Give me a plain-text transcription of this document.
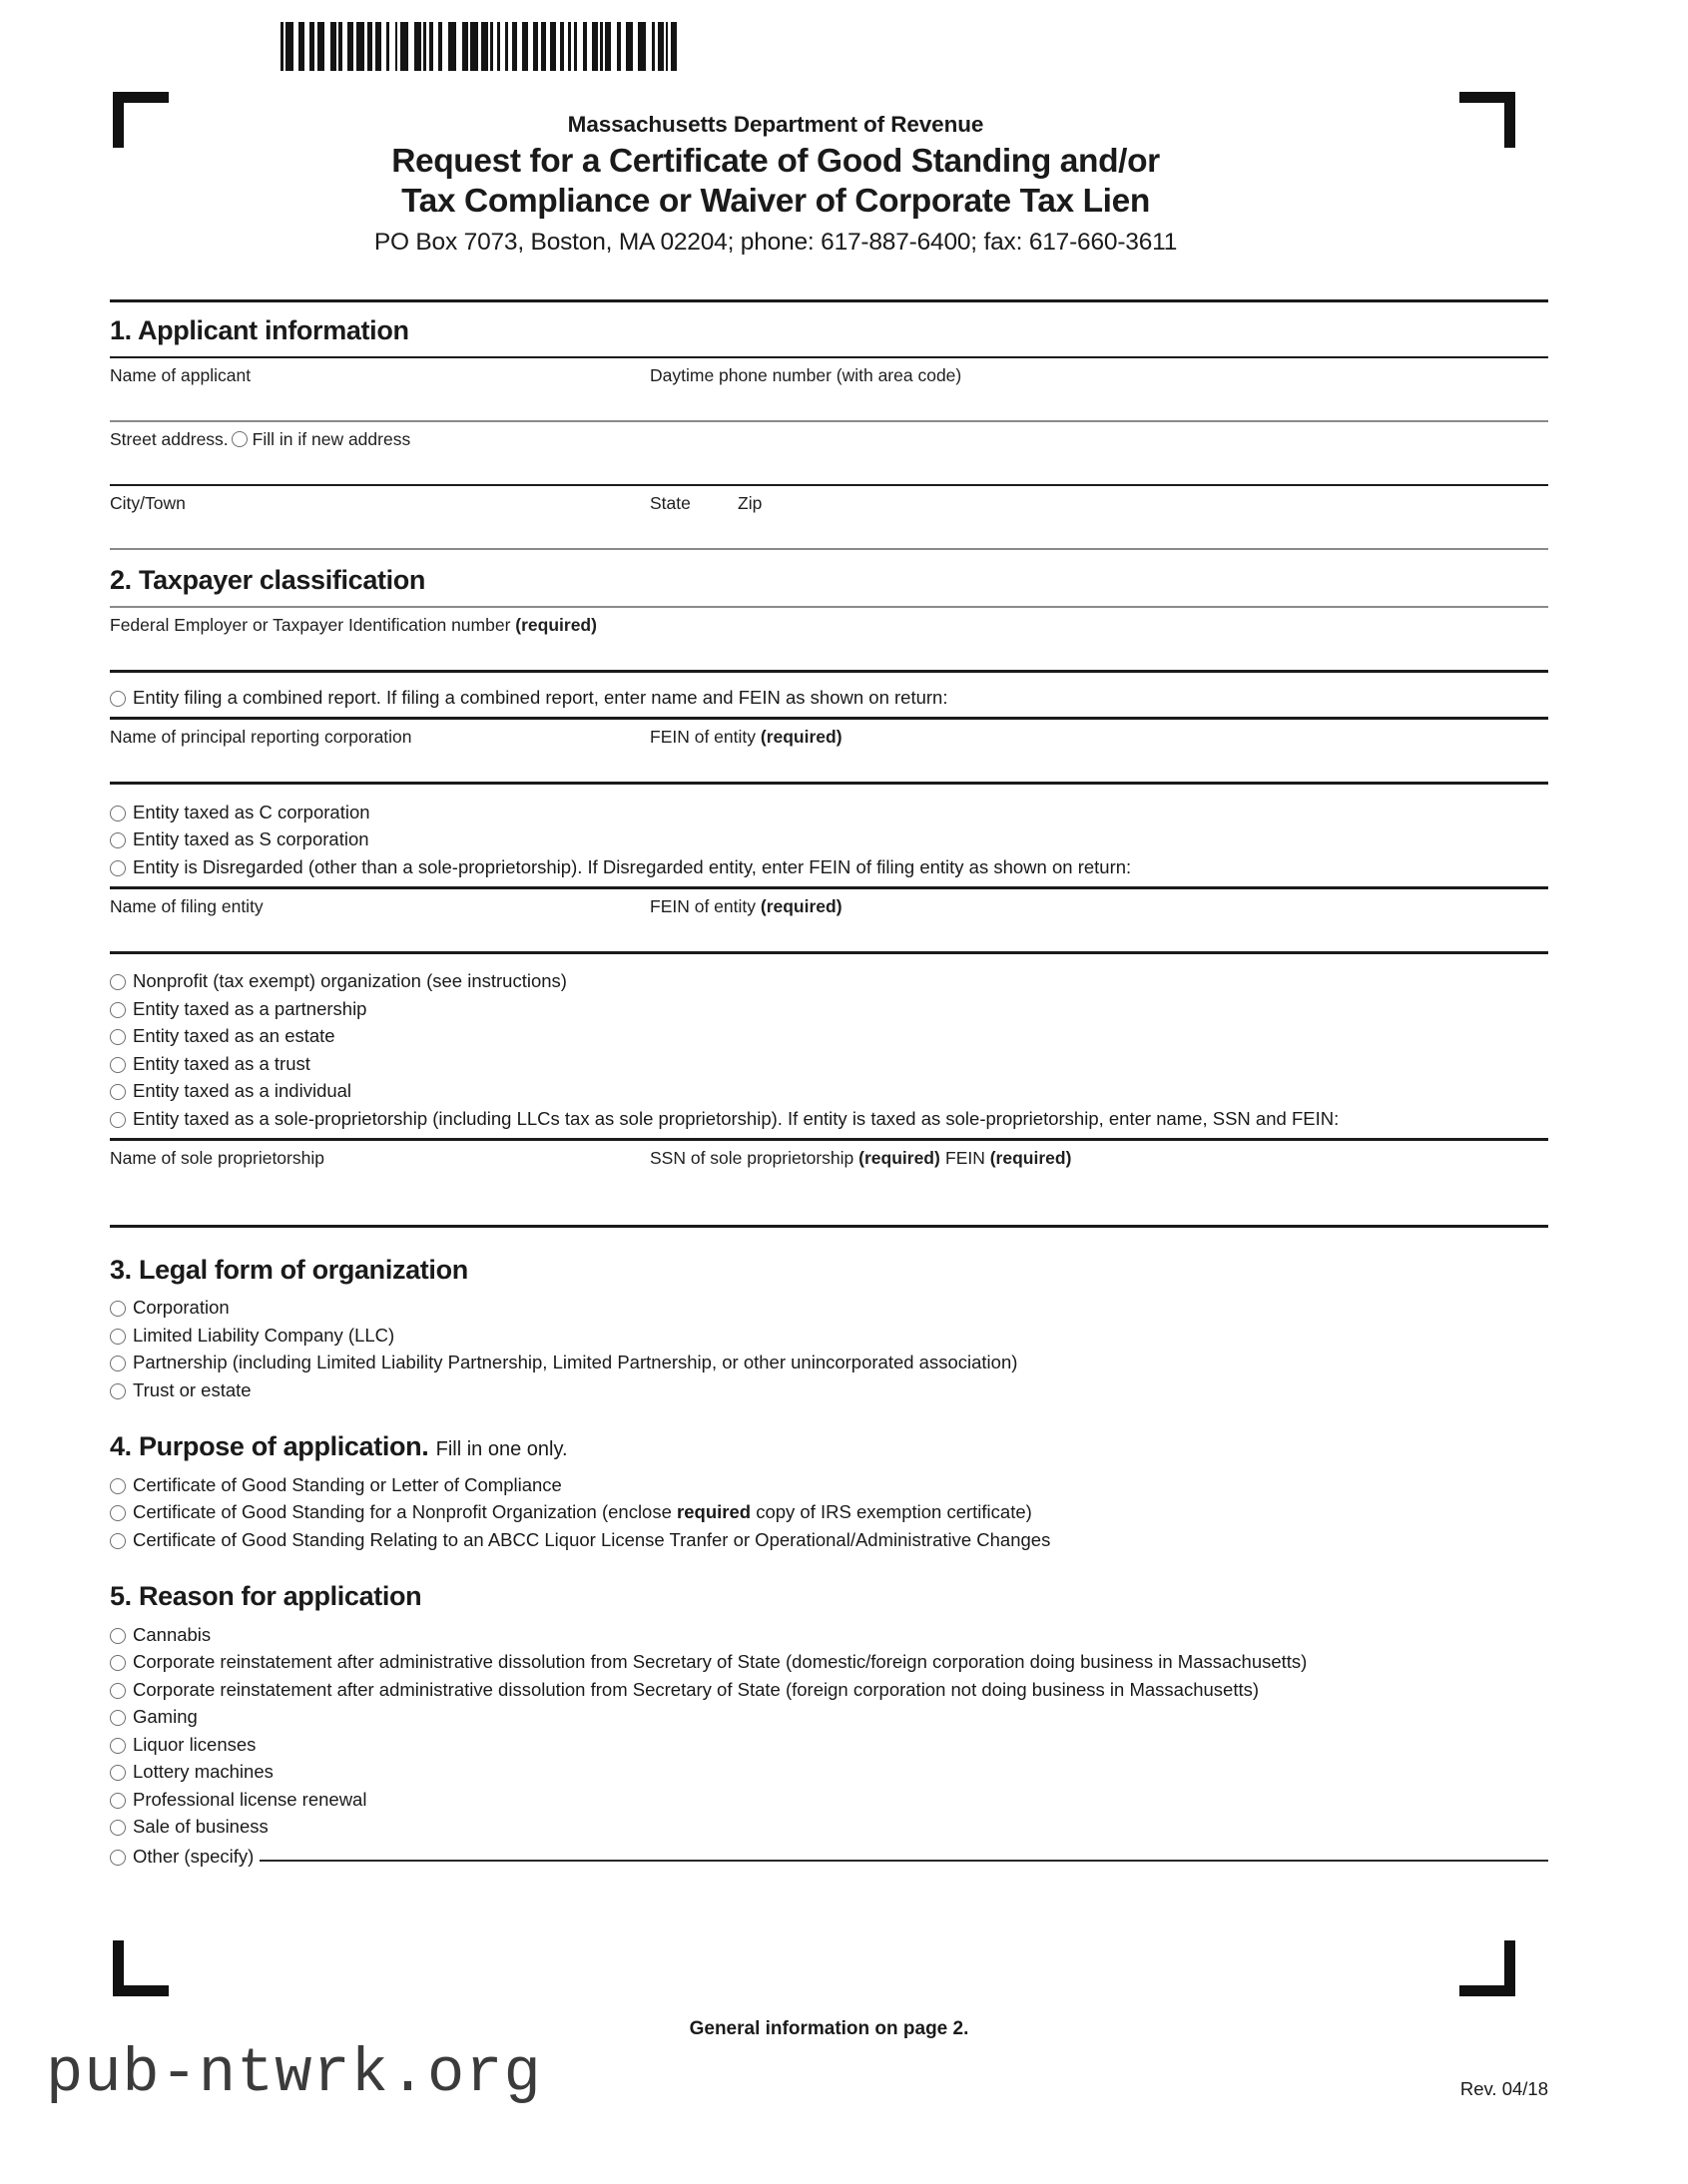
Massachusetts Department of Revenue
Request for a Certificate of Good Standing and/or
Tax Compliance or Waiver of Corporate Tax Lien
PO Box 7073, Boston, MA 02204; phone: 617-887-6400; fax: 617-660-3611
1. Applicant information
Name of applicant	Daytime phone number (with area code)
Street address. Fill in if new address
City/Town	State	Zip
2. Taxpayer classification
Federal Employer or Taxpayer Identification number (required)
Entity filing a combined report. If filing a combined report, enter name and FEIN as shown on return:
Name of principal reporting corporation	FEIN of entity (required)
Entity taxed as C corporation
Entity taxed as S corporation
Entity is Disregarded (other than a sole-proprietorship). If Disregarded entity, enter FEIN of filing entity as shown on return:
Name of filing entity	FEIN of entity (required)
Nonprofit (tax exempt) organization (see instructions)
Entity taxed as a partnership
Entity taxed as an estate
Entity taxed as a trust
Entity taxed as a individual
Entity taxed as a sole-proprietorship (including LLCs tax as sole proprietorship). If entity is taxed as sole-proprietorship, enter name, SSN and FEIN:
Name of sole proprietorship	SSN of sole proprietorship (required) FEIN (required)
3. Legal form of organization
Corporation
Limited Liability Company (LLC)
Partnership (including Limited Liability Partnership, Limited Partnership, or other unincorporated association)
Trust or estate
4. Purpose of application. Fill in one only.
Certificate of Good Standing or Letter of Compliance
Certificate of Good Standing for a Nonprofit Organization (enclose required copy of IRS exemption certificate)
Certificate of Good Standing Relating to an ABCC Liquor License Tranfer or Operational/Administrative Changes
5. Reason for application
Cannabis
Corporate reinstatement after administrative dissolution from Secretary of State (domestic/foreign corporation doing business in Massachusetts)
Corporate reinstatement after administrative dissolution from Secretary of State (foreign corporation not doing business in Massachusetts)
Gaming
Liquor licenses
Lottery machines
Professional license renewal
Sale of business
Other (specify)
General information on page 2.
Rev. 04/18
pub-ntwrk.org
